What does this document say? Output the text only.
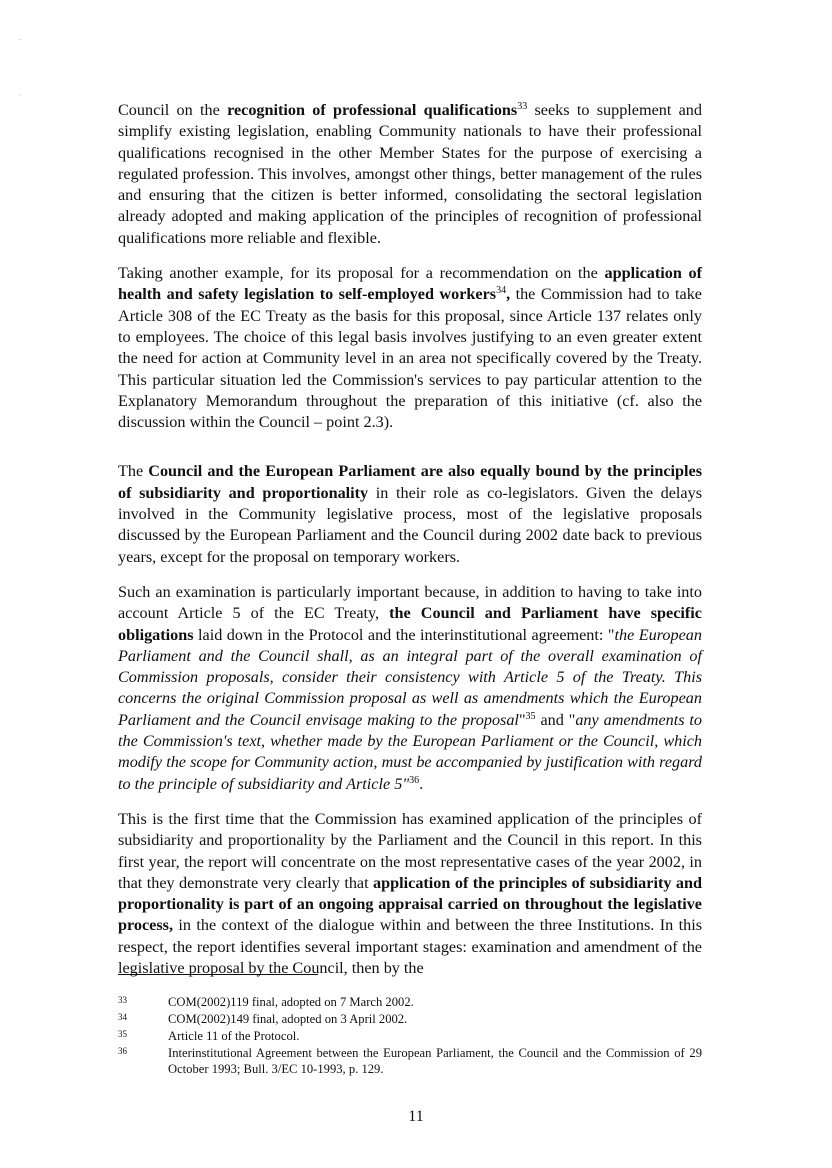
-
·

Council on the recognition of professional qualifications$^{33}$ seeks to supplement and simplify existing legislation, enabling Community nationals to have their professional qualifications recognised in the other Member States for the purpose of exercising a regulated profession. This involves, amongst other things, better management of the rules and ensuring that the citizen is better informed, consolidating the sectoral legislation already adopted and making application of the principles of recognition of professional qualifications more reliable and flexible.

Taking another example, for its proposal for a recommendation on the application of health and safety legislation to self-employed workers$^{34}$, the Commission had to take Article 308 of the EC Treaty as the basis for this proposal, since Article 137 relates only to employees. The choice of this legal basis involves justifying to an even greater extent the need for action at Community level in an area not specifically covered by the Treaty. This particular situation led the Commission's services to pay particular attention to the Explanatory Memorandum throughout the preparation of this initiative (cf. also the discussion within the Council – point 2.3).

The Council and the European Parliament are also equally bound by the principles of subsidiarity and proportionality in their role as co-legislators. Given the delays involved in the Community legislative process, most of the legislative proposals discussed by the European Parliament and the Council during 2002 date back to previous years, except for the proposal on temporary workers.

Such an examination is particularly important because, in addition to having to take into account Article 5 of the EC Treaty, the Council and Parliament have specific obligations laid down in the Protocol and the interinstitutional agreement: "the European Parliament and the Council shall, as an integral part of the overall examination of Commission proposals, consider their consistency with Article 5 of the Treaty. This concerns the original Commission proposal as well as amendments which the European Parliament and the Council envisage making to the proposal"$^{35}$ and "any amendments to the Commission's text, whether made by the European Parliament or the Council, which modify the scope for Community action, must be accompanied by justification with regard to the principle of subsidiarity and Article 5"$^{36}$.

This is the first time that the Commission has examined application of the principles of subsidiarity and proportionality by the Parliament and the Council in this report. In this first year, the report will concentrate on the most representative cases of the year 2002, in that they demonstrate very clearly that application of the principles of subsidiarity and proportionality is part of an ongoing appraisal carried on throughout the legislative process, in the context of the dialogue within and between the three Institutions. In this respect, the report identifies several important stages: examination and amendment of the legislative proposal by the Council, then by the

33	COM(2002)119 final, adopted on 7 March 2002.
34	COM(2002)149 final, adopted on 3 April 2002.
35	Article 11 of the Protocol.
36	Interinstitutional Agreement between the European Parliament, the Council and the Commission of 29 October 1993; Bull. 3/EC 10-1993, p. 129.
11
